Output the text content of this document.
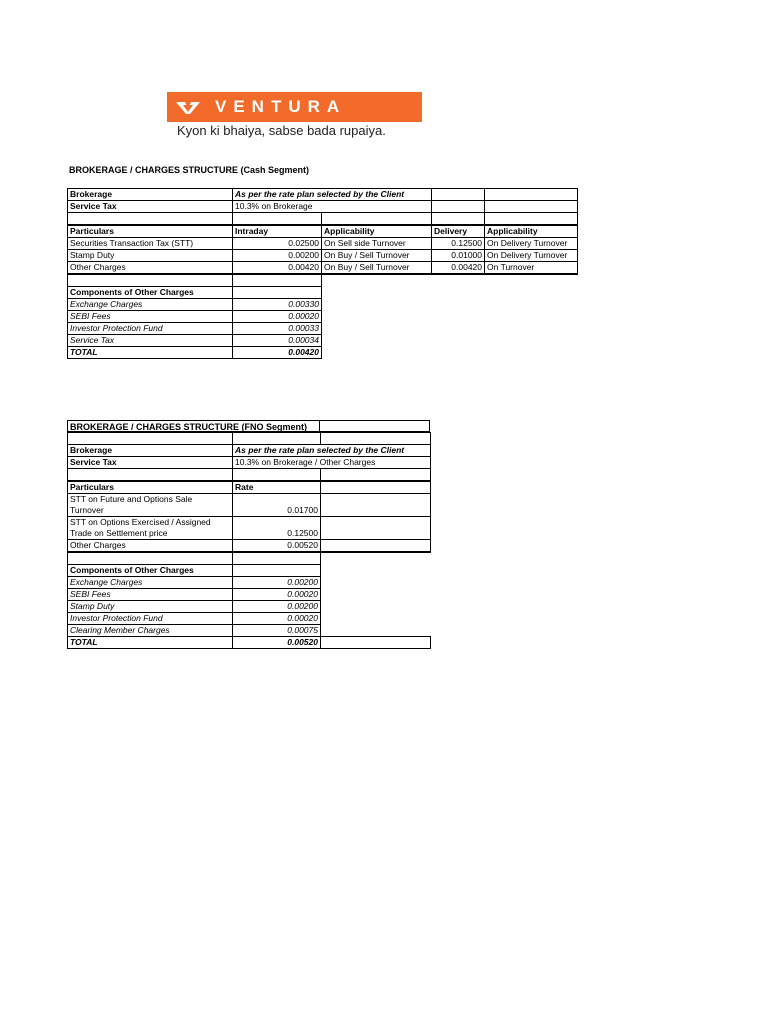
VENTURA
Kyon ki bhaiya, sabse bada rupaiya.
BROKERAGE / CHARGES STRUCTURE (Cash Segment)
Brokerage	As per the rate plan selected by the Client			
Service Tax	10.3% on Brokerage			

Particulars	Intraday	Applicability	Delivery	Applicability
Securities Transaction Tax (STT)	0.02500	On Sell side Turnover	0.12500	On Delivery Turnover
Stamp Duty	0.00200	On Buy / Sell Turnover	0.01000	On Delivery Turnover
Other Charges	0.00420	On Buy / Sell Turnover	0.00420	On Turnover

Components of Other Charges				
Exchange Charges	0.00330			
SEBI Fees	0.00020			
Investor Protection Fund	0.00033			
Service Tax	0.00034			
TOTAL	0.00420			
BROKERAGE / CHARGES STRUCTURE (FNO Segment)

Brokerage	As per the rate plan selected by the Client	
Service Tax	10.3% on Brokerage / Other Charges	

Particulars	Rate	
STT on Future and Options Sale
Turnover	0.01700	
STT on Options Exercised / Assigned
Trade on Settlement price	0.12500	
Other Charges	0.00520	

Components of Other Charges		
Exchange Charges	0.00200	
SEBI Fees	0.00020	
Stamp Duty	0.00200	
Investor Protection Fund	0.00020	
Clearing Member Charges	0.00075	
TOTAL	0.00520	
